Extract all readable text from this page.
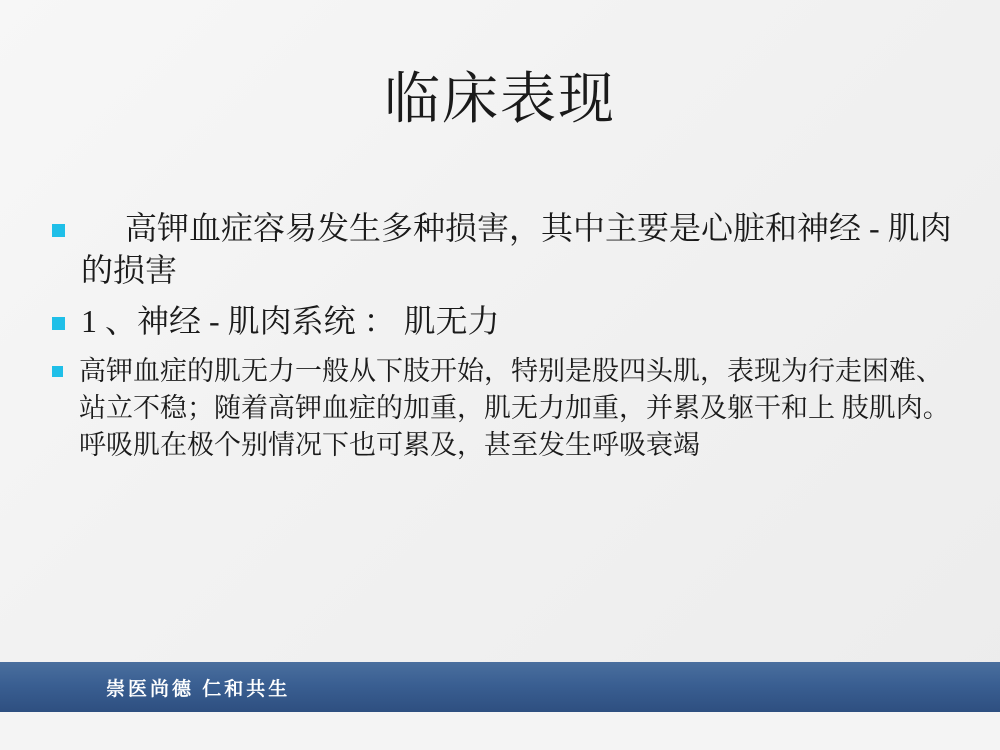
临床表现
高钾血症容易发生多种损害，其中主要是心脏和神经 - 肌肉的损害
1 、神经 - 肌肉系统 ： 肌无力
高钾血症的肌无力一般从下肢开始，特别是股四头肌，表现为行走困难、站立不稳；随着高钾血症的加重，肌无力加重，并累及躯干和上 肢肌肉。呼吸肌在极个别情况下也可累及，甚至发生呼吸衰竭
崇医尚德 仁和共生
